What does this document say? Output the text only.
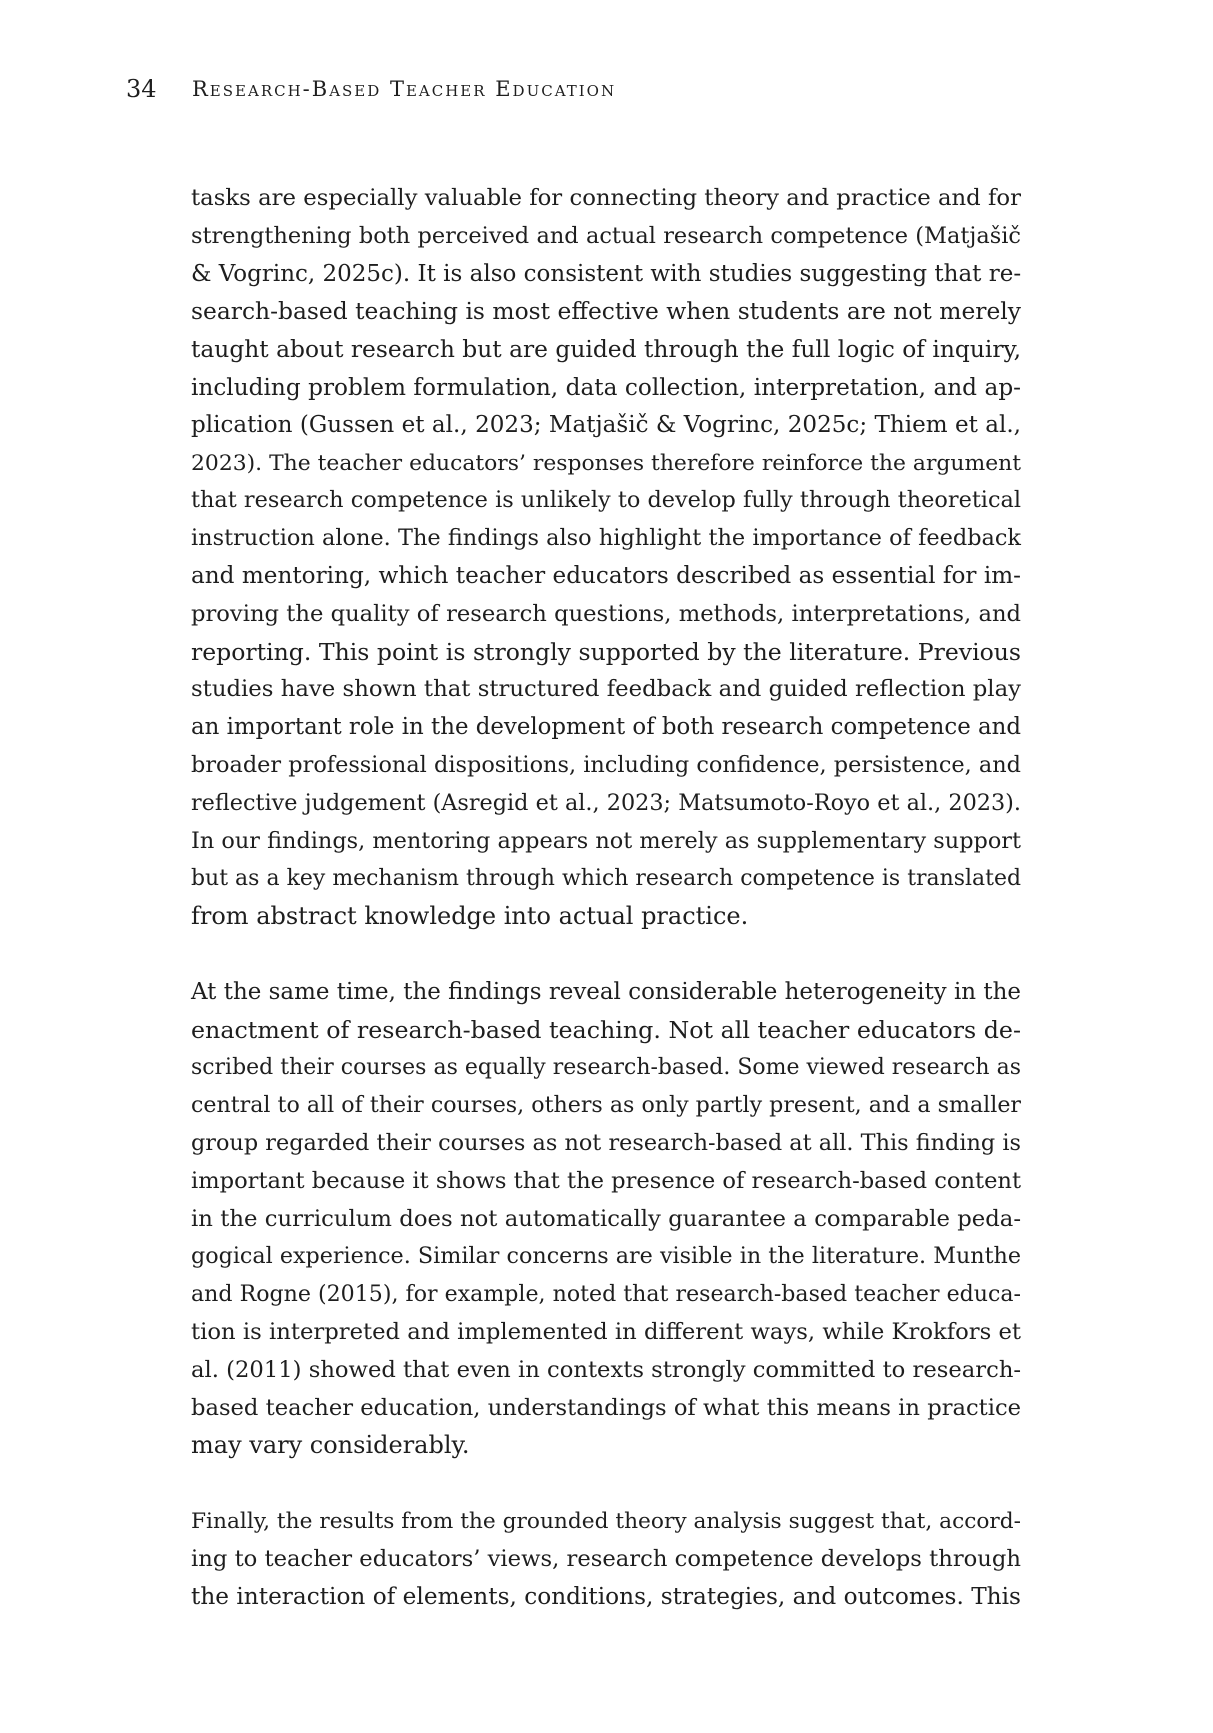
34 Research-Based Teacher Education
tasks are especially valuable for connecting theory and practice and for
strengthening both perceived and actual research competence (Matjašič
& Vogrinc, 2025c). It is also consistent with studies suggesting that re-
search-based teaching is most effective when students are not merely
taught about research but are guided through the full logic of inquiry,
including problem formulation, data collection, interpretation, and ap-
plication (Gussen et al., 2023; Matjašič & Vogrinc, 2025c; Thiem et al.,
2023). The teacher educators’ responses therefore reinforce the argument
that research competence is unlikely to develop fully through theoretical
instruction alone. The findings also highlight the importance of feedback
and mentoring, which teacher educators described as essential for im-
proving the quality of research questions, methods, interpretations, and
reporting. This point is strongly supported by the literature. Previous
studies have shown that structured feedback and guided reflection play
an important role in the development of both research competence and
broader professional dispositions, including confidence, persistence, and
reflective judgement (Asregid et al., 2023; Matsumoto-Royo et al., 2023).
In our findings, mentoring appears not merely as supplementary support
but as a key mechanism through which research competence is translated
from abstract knowledge into actual practice.
At the same time, the findings reveal considerable heterogeneity in the
enactment of research-based teaching. Not all teacher educators de-
scribed their courses as equally research-based. Some viewed research as
central to all of their courses, others as only partly present, and a smaller
group regarded their courses as not research-based at all. This finding is
important because it shows that the presence of research-based content
in the curriculum does not automatically guarantee a comparable peda-
gogical experience. Similar concerns are visible in the literature. Munthe
and Rogne (2015), for example, noted that research-based teacher educa-
tion is interpreted and implemented in different ways, while Krokfors et
al. (2011) showed that even in contexts strongly committed to research-
based teacher education, understandings of what this means in practice
may vary considerably.
Finally, the results from the grounded theory analysis suggest that, accord-
ing to teacher educators’ views, research competence develops through
the interaction of elements, conditions, strategies, and outcomes. This
